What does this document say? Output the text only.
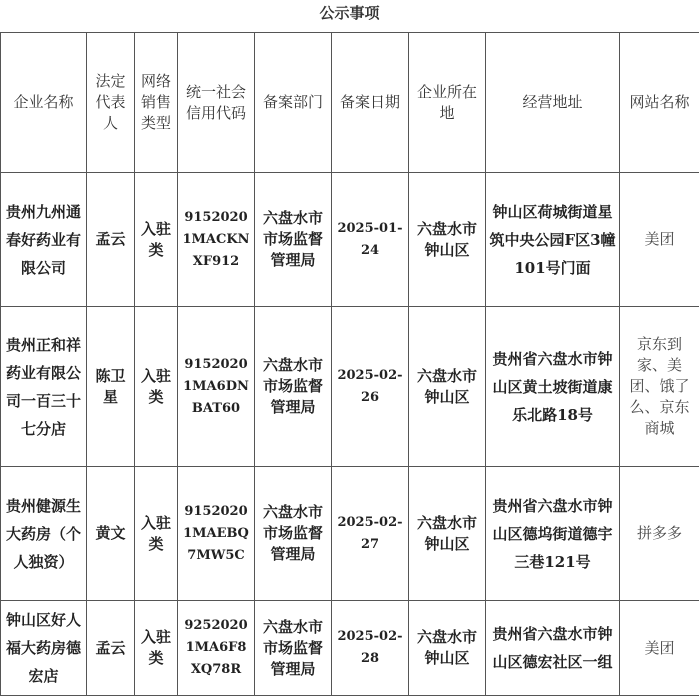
公示事项
企业名称	法定代表人	网络销售类型	统一社会信用代码	备案部门	备案日期	企业所在地	经营地址	网站名称
贵州九州通春好药业有限公司	孟云	入驻类	91520201MACKNXF912	六盘水市市场监督管理局	2025-01-24	六盘水市钟山区	钟山区荷城街道星筑中央公园F区3幢101号门面	美团
贵州正和祥药业有限公司一百三十七分店	陈卫星	入驻类	91520201MA6DNBAT60	六盘水市市场监督管理局	2025-02-26	六盘水市钟山区	贵州省六盘水市钟山区黄土坡街道康乐北路18号	京东到家、美团、饿了么、京东商城
贵州健源生大药房（个人独资）	黄文	入驻类	91520201MAEBQ7MW5C	六盘水市市场监督管理局	2025-02-27	六盘水市钟山区	贵州省六盘水市钟山区德坞街道德宇三巷121号	拼多多
钟山区好人福大药房德宏店	孟云	入驻类	92520201MA6F8XQ78R	六盘水市市场监督管理局	2025-02-28	六盘水市钟山区	贵州省六盘水市钟山区德宏社区一组	美团
